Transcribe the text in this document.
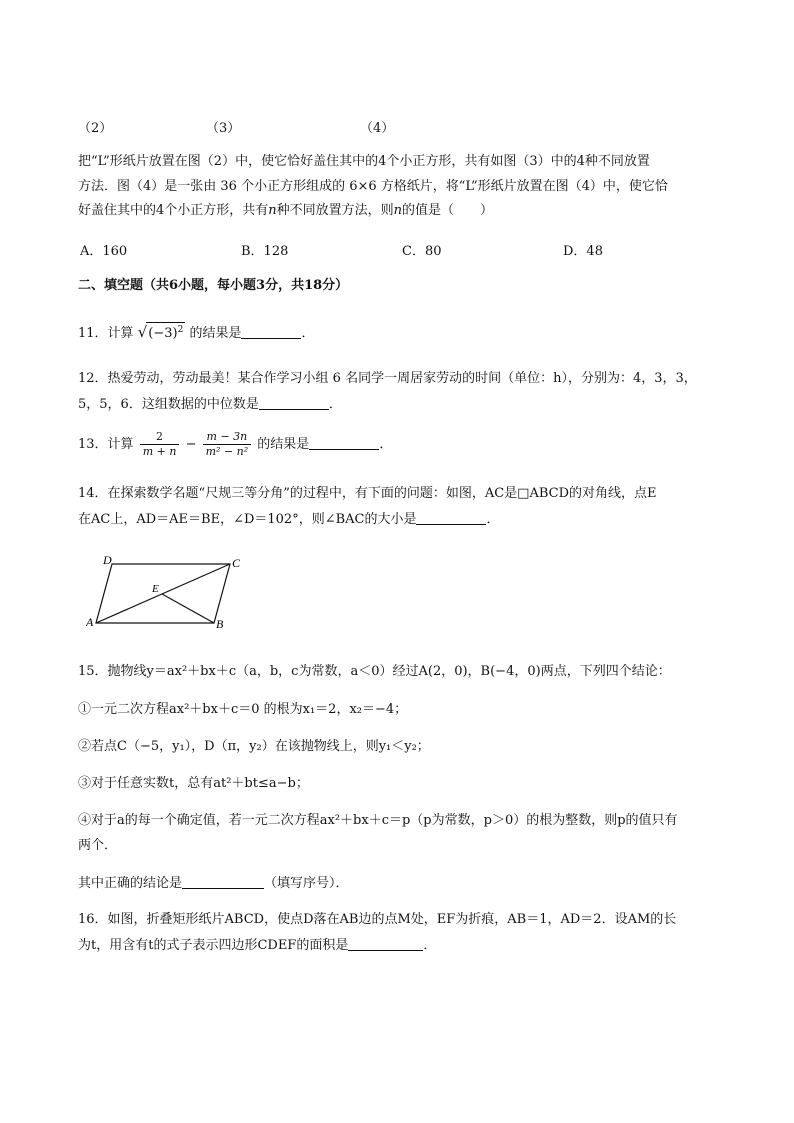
（2）	（3）	（4）
把“L”形纸片放置在图（2）中，使它恰好盖住其中的4个小正方形，共有如图（3）中的4种不同放置
方法．图（4）是一张由 36 个小正方形组成的 6×6 方格纸片，将“L”形纸片放置在图（4）中，使它恰
好盖住其中的4个小正方形，共有n种不同放置方法，则n的值是（　　）
A．160	B．128	C．80	D．48
二、填空题（共6小题，每小题3分，共18分）
11．计算 $√(-3)^2$ 的结果是	．
12．热爱劳动，劳动最美！某合作学习小组 6 名同学一周居家劳动的时间（单位：h），分别为：4，3，3，
5，5，6．这组数据的中位数是	．
13．计算 $\frac{2}{m + n} - \frac{m - 3n}{\text{m² − n²}}$ 的结果是	．
14．在探索数学名题“尺规三等分角”的过程中，有下面的问题：如图，AC是□ABCD的对角线，点E
在AC上，AD＝AE＝BE，∠D＝102°，则∠BAC的大小是	．
D	C
A	B
E
15．抛物线y＝ax²＋bx＋c（a，b，c为常数，a＜0）经过A(2，0)，B(−4，0)两点，下列四个结论：
①一元二次方程ax²＋bx＋c＝0 的根为x₁＝2，x₂＝−4；
②若点C（−5，y₁），D（π，y₂）在该抛物线上，则y₁＜y₂；
③对于任意实数t，总有at²＋bt≤a−b；
④对于a的每一个确定值，若一元二次方程ax²＋bx＋c＝p（p为常数，p＞0）的根为整数，则p的值只有
两个．
其中正确的结论是	（填写序号）．
16．如图，折叠矩形纸片ABCD，使点D落在AB边的点M处，EF为折痕，AB＝1，AD＝2．设AM的长
为t，用含有t的式子表示四边形CDEF的面积是	．
